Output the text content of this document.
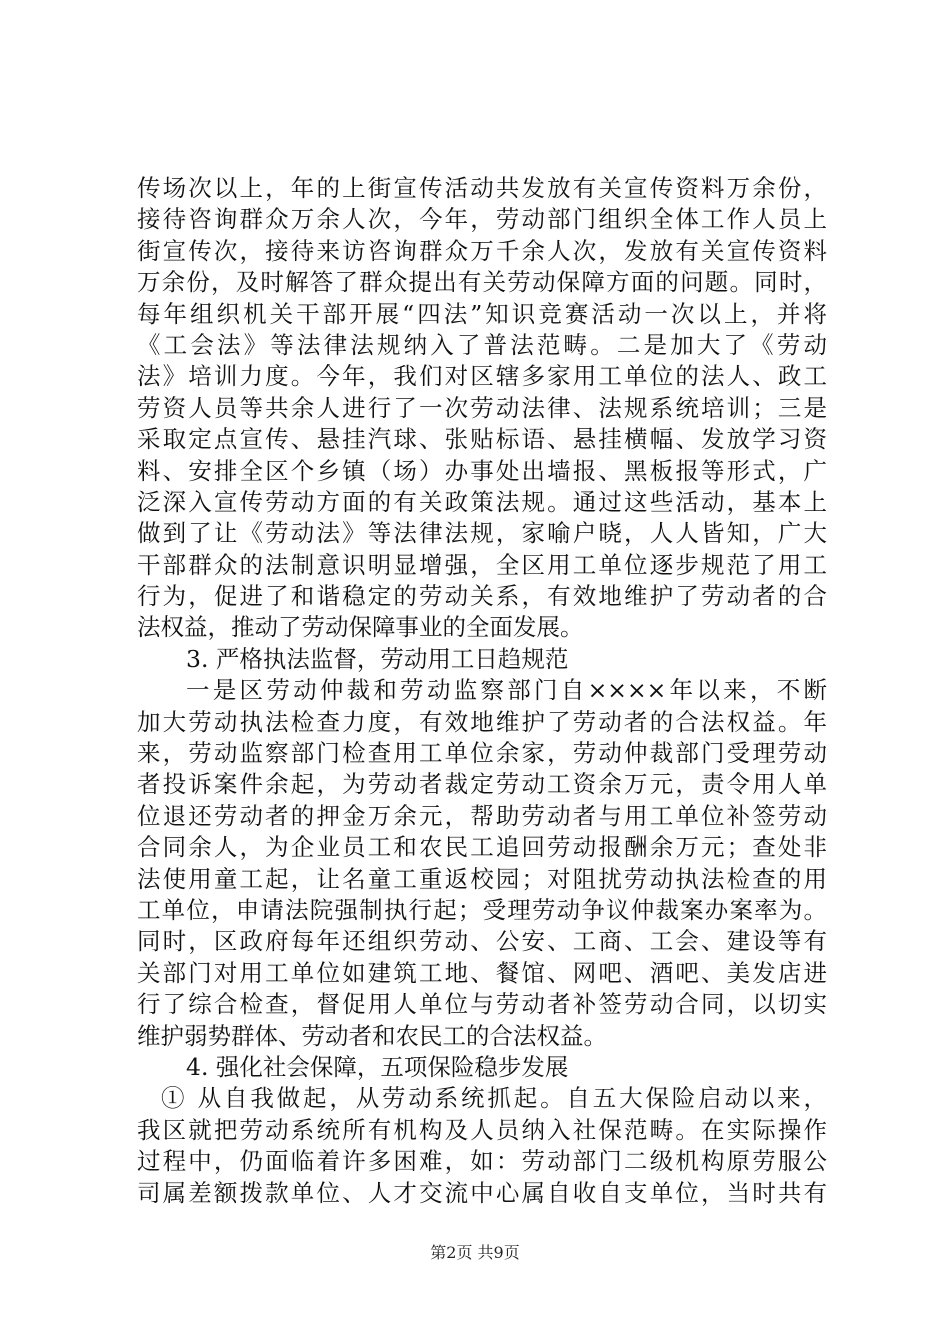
传场次以上，年的上街宣传活动共发放有关宣传资料万余份，
接待咨询群众万余人次，今年，劳动部门组织全体工作人员上
街宣传次，接待来访咨询群众万千余人次，发放有关宣传资料
万余份，及时解答了群众提出有关劳动保障方面的问题。同时，
每年组织机关干部开展“四法”知识竞赛活动一次以上，并将
《工会法》等法律法规纳入了普法范畴。二是加大了《劳动
法》培训力度。今年，我们对区辖多家用工单位的法人、政工
劳资人员等共余人进行了一次劳动法律、法规系统培训；三是
采取定点宣传、悬挂汽球、张贴标语、悬挂横幅、发放学习资
料、安排全区个乡镇（场）办事处出墙报、黑板报等形式，广
泛深入宣传劳动方面的有关政策法规。通过这些活动，基本上
做到了让《劳动法》等法律法规，家喻户晓，人人皆知，广大
干部群众的法制意识明显增强，全区用工单位逐步规范了用工
行为，促进了和谐稳定的劳动关系，有效地维护了劳动者的合
法权益，推动了劳动保障事业的全面发展。
3. 严格执法监督，劳动用工日趋规范
一是区劳动仲裁和劳动监察部门自××××年以来，不断
加大劳动执法检查力度，有效地维护了劳动者的合法权益。年
来，劳动监察部门检查用工单位余家，劳动仲裁部门受理劳动
者投诉案件余起，为劳动者裁定劳动工资余万元，责令用人单
位退还劳动者的押金万余元，帮助劳动者与用工单位补签劳动
合同余人，为企业员工和农民工追回劳动报酬余万元；查处非
法使用童工起，让名童工重返校园；对阻扰劳动执法检查的用
工单位，申请法院强制执行起；受理劳动争议仲裁案办案率为。
同时，区政府每年还组织劳动、公安、工商、工会、建设等有
关部门对用工单位如建筑工地、餐馆、网吧、酒吧、美发店进
行了综合检查，督促用人单位与劳动者补签劳动合同，以切实
维护弱势群体、劳动者和农民工的合法权益。
4. 强化社会保障，五项保险稳步发展
① 从自我做起，从劳动系统抓起。自五大保险启动以来，
我区就把劳动系统所有机构及人员纳入社保范畴。在实际操作
过程中，仍面临着许多困难，如：劳动部门二级机构原劳服公
司属差额拨款单位、人才交流中心属自收自支单位，当时共有
第2页 共9页
